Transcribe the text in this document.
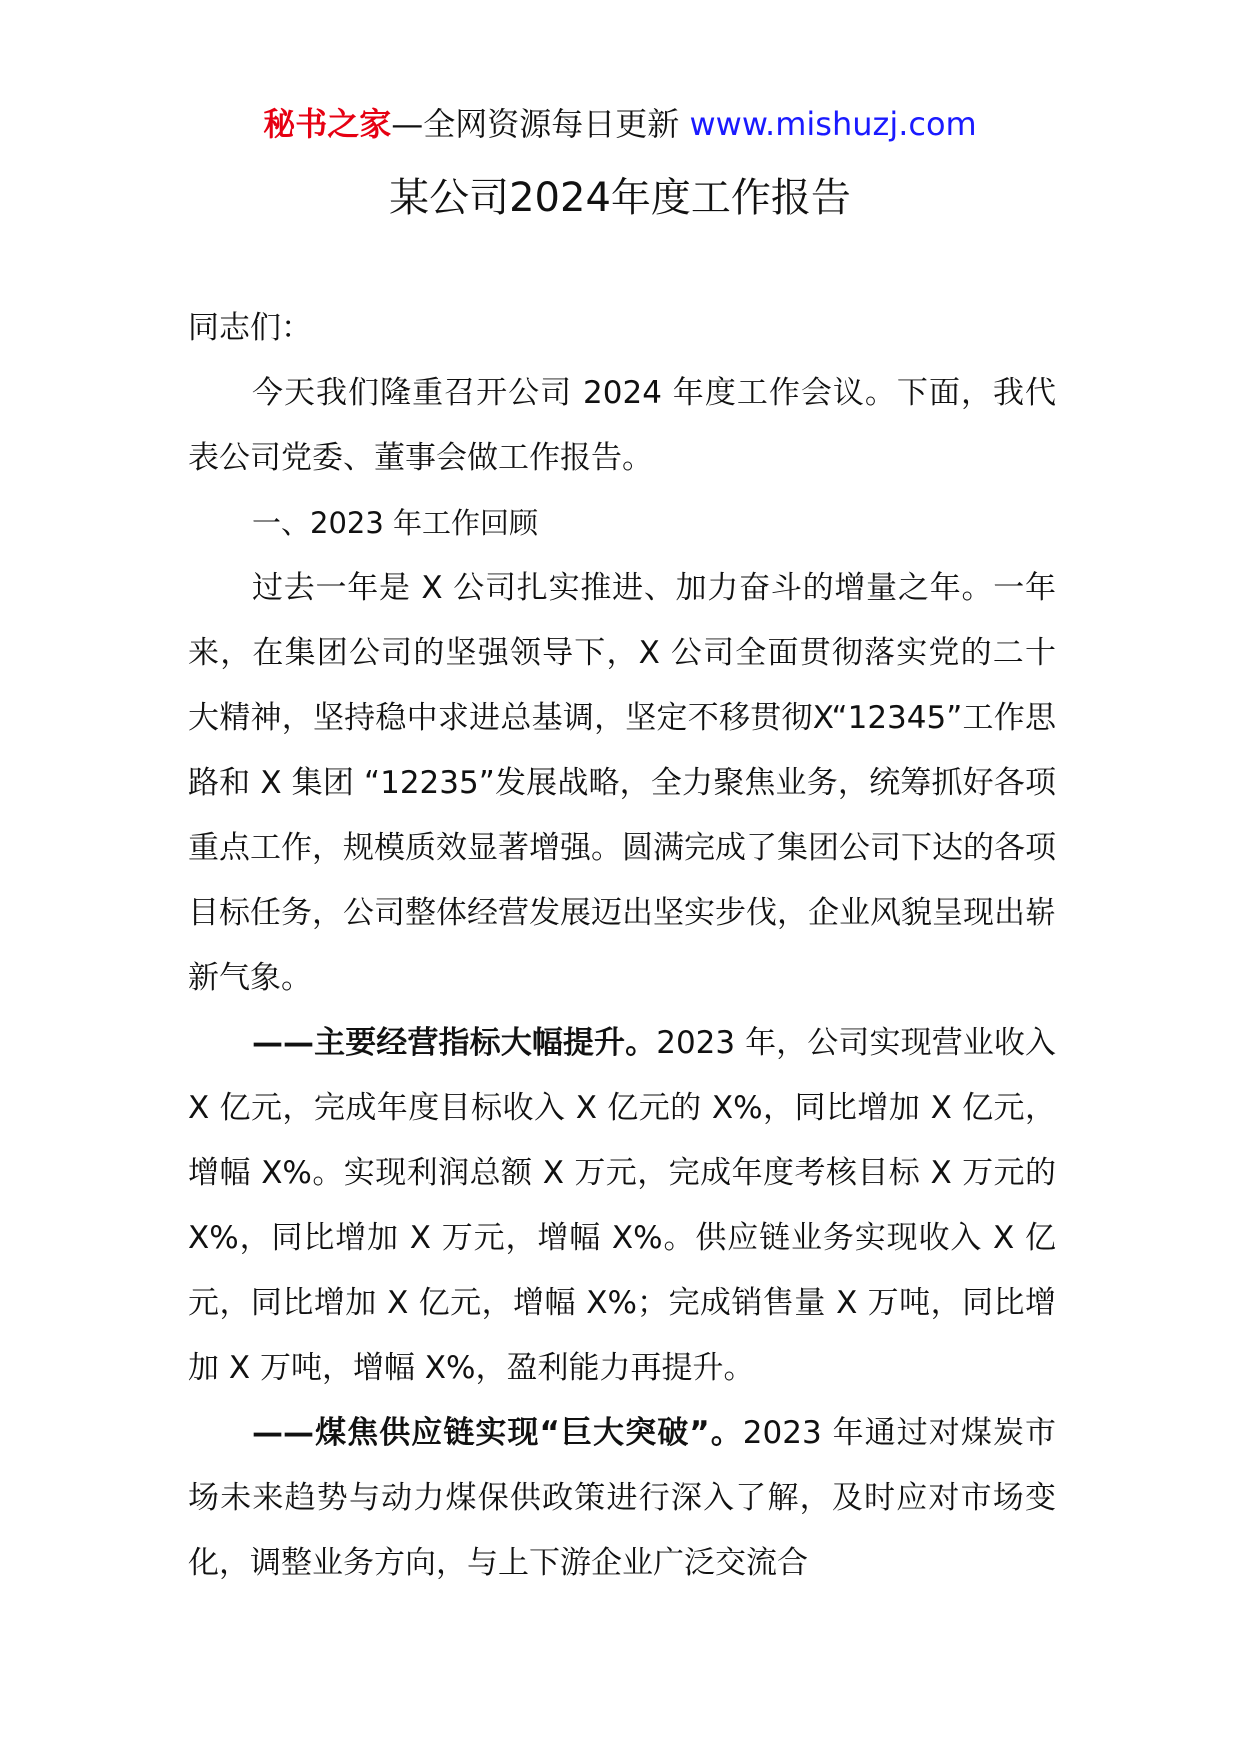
秘书之家—全网资源每日更新 www.mishuzj.com
某公司2024年度工作报告

同志们：

今天我们隆重召开公司 2024 年度工作会议。下面，我代表公司党委、董事会做工作报告。

一、2023 年工作回顾

过去一年是 X 公司扎实推进、加力奋斗的增量之年。一年来，在集团公司的坚强领导下，X 公司全面贯彻落实党的二十大精神，坚持稳中求进总基调，坚定不移贯彻X“12345”工作思路和 X 集团 “12235”发展战略，全力聚焦业务，统筹抓好各项重点工作，规模质效显著增强。圆满完成了集团公司下达的各项目标任务，公司整体经营发展迈出坚实步伐，企业风貌呈现出崭新气象。

——主要经营指标大幅提升。2023 年，公司实现营业收入 X 亿元，完成年度目标收入 X 亿元的 X%，同比增加 X 亿元，增幅 X%。实现利润总额 X 万元，完成年度考核目标 X 万元的 X%，同比增加 X 万元，增幅 X%。供应链业务实现收入 X 亿元，同比增加 X 亿元，增幅 X%；完成销售量 X 万吨，同比增加 X 万吨，增幅 X%，盈利能力再提升。

——煤焦供应链实现“巨大突破”。2023 年通过对煤炭市场未来趋势与动力煤保供政策进行深入了解，及时应对市场变化，调整业务方向，与上下游企业广泛交流合
